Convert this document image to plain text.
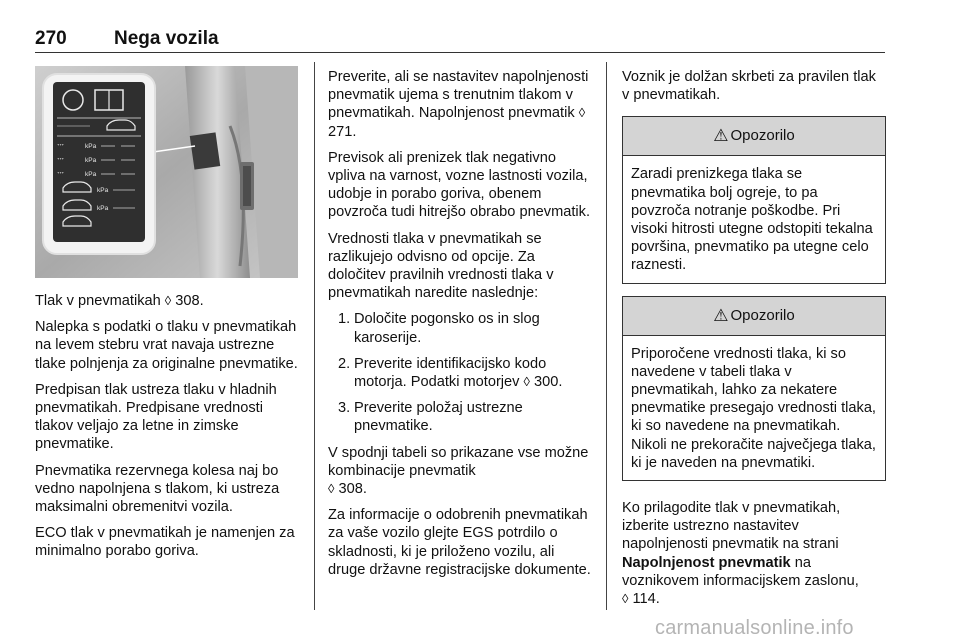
270 Nega vozila
ᐩᐩᐩ
ᐩᐩᐩ
ᐩᐩᐩ
kPa
kPa
kPa
kPa
kPa

Tlak v pnevmatikah ◊ 308.

Nalepka s podatki o tlaku v pnevmatikah na levem stebru vrat navaja ustrezne tlake polnjenja za originalne pnevmatike.

Predpisan tlak ustreza tlaku v hladnih pnevmatikah. Predpisane vrednosti tlakov veljajo za letne in zimske pnevmatike.

Pnevmatika rezervnega kolesa naj bo vedno napolnjena s tlakom, ki ustreza maksimalni obremenitvi vozila.

ECO tlak v pnevmatikah je namenjen za minimalno porabo goriva.

Preverite, ali se nastavitev napolnjenosti pnevmatik ujema s trenutnim tlakom v pnevmatikah. Napolnjenost pnevmatik ◊ 271.

Previsok ali prenizek tlak negativno vpliva na varnost, vozne lastnosti vozila, udobje in porabo goriva, obenem povzroča tudi hitrejšo obrabo pnevmatik.

Vrednosti tlaka v pnevmatikah se razlikujejo odvisno od opcije. Za določitev pravilnih vrednosti tlaka v pnevmatikah naredite naslednje:

1. Določite pogonsko os in slog karoserije.
2. Preverite identifikacijsko kodo motorja. Podatki motorjev ◊ 300.
3. Preverite položaj ustrezne pnevmatike.

V spodnji tabeli so prikazane vse možne kombinacije pnevmatik
◊ 308.

Za informacije o odobrenih pnevmatikah za vaše vozilo glejte EGS potrdilo o skladnosti, ki je priloženo vozilu, ali druge državne registracijske dokumente.

Voznik je dolžan skrbeti za pravilen tlak v pnevmatikah.

⚠ Opozorilo
Zaradi prenizkega tlaka se pnevmatika bolj ogreje, to pa povzroča notranje poškodbe. Pri visoki hitrosti utegne odstopiti tekalna površina, pnevmatiko pa utegne celo raznesti.
⚠ Opozorilo
Priporočene vrednosti tlaka, ki so navedene v tabeli tlaka v pnevmatikah, lahko za nekatere pnevmatike presegajo vrednosti tlaka, ki so navedene na pnevmatikah. Nikoli ne prekoračite največjega tlaka, ki je naveden na pnevmatiki.

Ko prilagodite tlak v pnevmatikah, izberite ustrezno nastavitev napolnjenosti pnevmatik na strani Napolnjenost pnevmatik na voznikovem informacijskem zaslonu,
◊ 114.

carmanualsonline.info
